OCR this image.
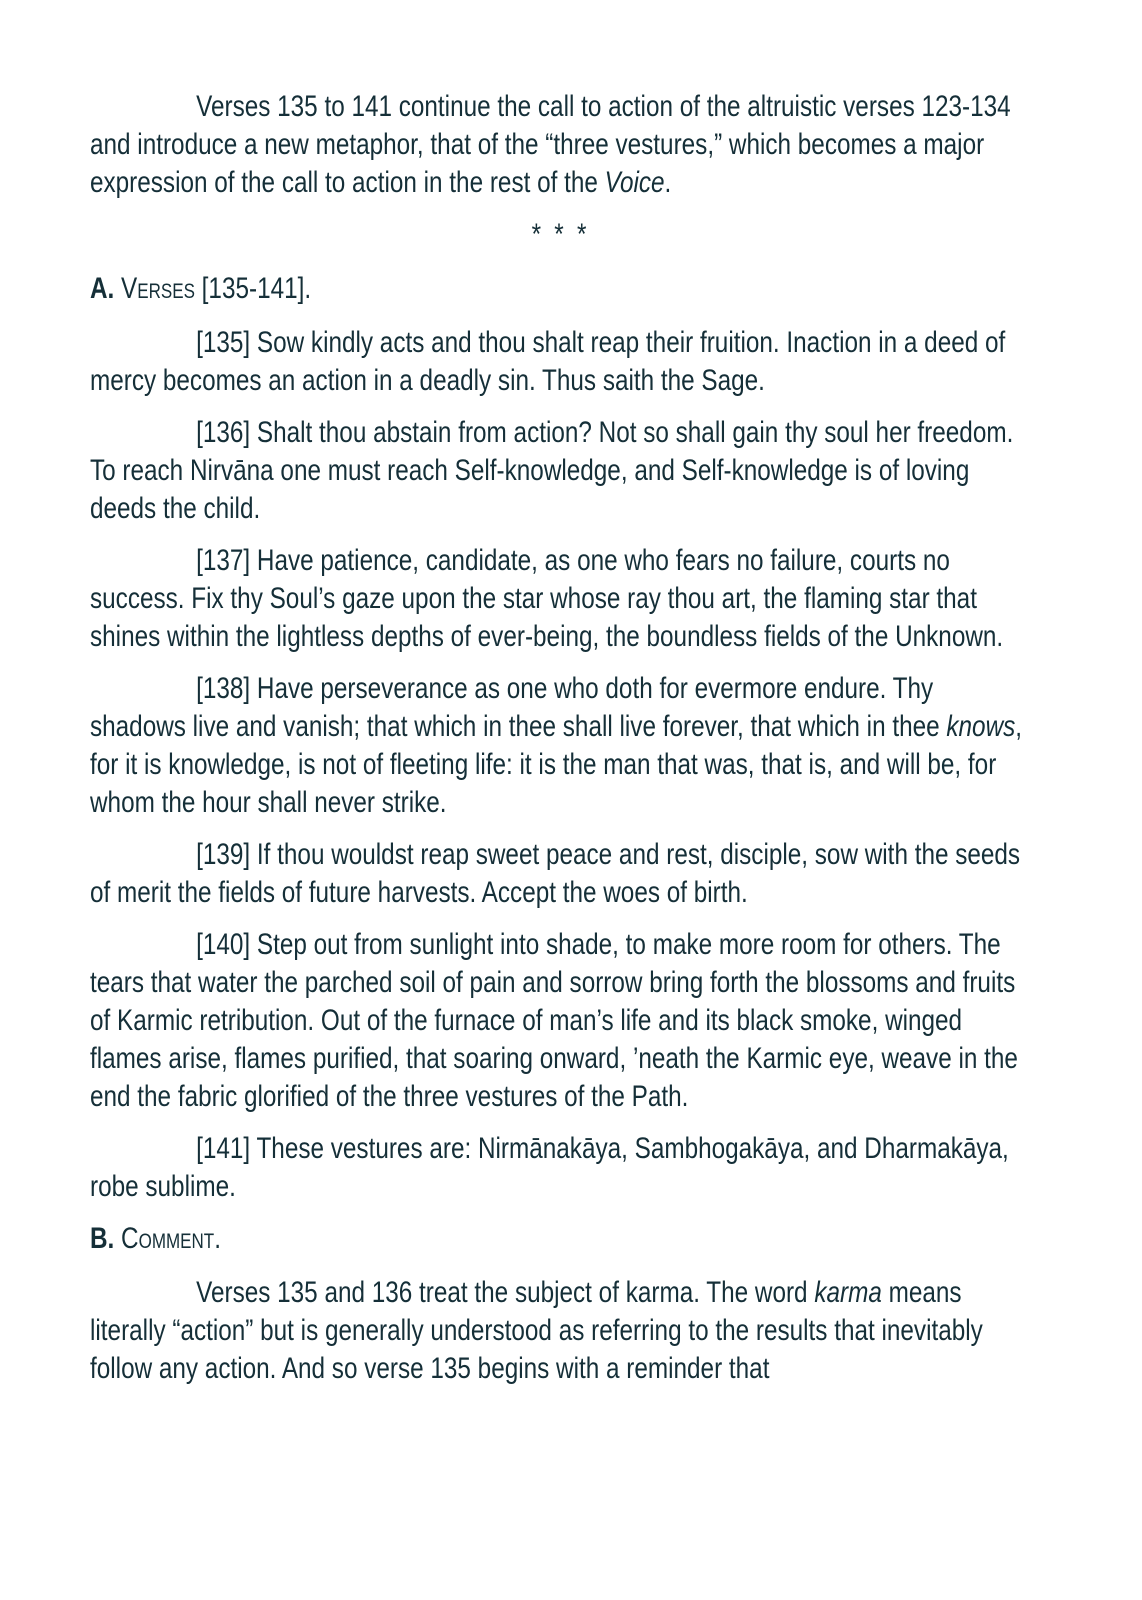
Verses 135 to 141 continue the call to action of the altruistic verses 123-134 and introduce a new metaphor, that of the “three vestures,” which becomes a major expression of the call to action in the rest of the Voice.

* * *

A. Verses [135-141].

[135] Sow kindly acts and thou shalt reap their fruition. Inaction in a deed of mercy becomes an action in a deadly sin. Thus saith the Sage.

[136] Shalt thou abstain from action? Not so shall gain thy soul her freedom. To reach Nirvāna one must reach Self-knowledge, and Self-knowledge is of loving deeds the child.

[137] Have patience, candidate, as one who fears no failure, courts no success. Fix thy Soul’s gaze upon the star whose ray thou art, the flaming star that shines within the lightless depths of ever-being, the boundless fields of the Unknown.

[138] Have perseverance as one who doth for evermore endure. Thy shadows live and vanish; that which in thee shall live forever, that which in thee knows, for it is knowledge, is not of fleeting life: it is the man that was, that is, and will be, for whom the hour shall never strike.

[139] If thou wouldst reap sweet peace and rest, disciple, sow with the seeds of merit the fields of future harvests. Accept the woes of birth.

[140] Step out from sunlight into shade, to make more room for others. The tears that water the parched soil of pain and sorrow bring forth the blossoms and fruits of Karmic retribution. Out of the furnace of man’s life and its black smoke, winged flames arise, flames purified, that soaring onward, ’neath the Karmic eye, weave in the end the fabric glorified of the three vestures of the Path.

[141] These vestures are: Nirmānakāya, Sambhogakāya, and Dharmakāya, robe sublime.

B. Comment.

Verses 135 and 136 treat the subject of karma. The word karma means literally “action” but is generally understood as referring to the results that inevitably follow any action. And so verse 135 begins with a reminder that
